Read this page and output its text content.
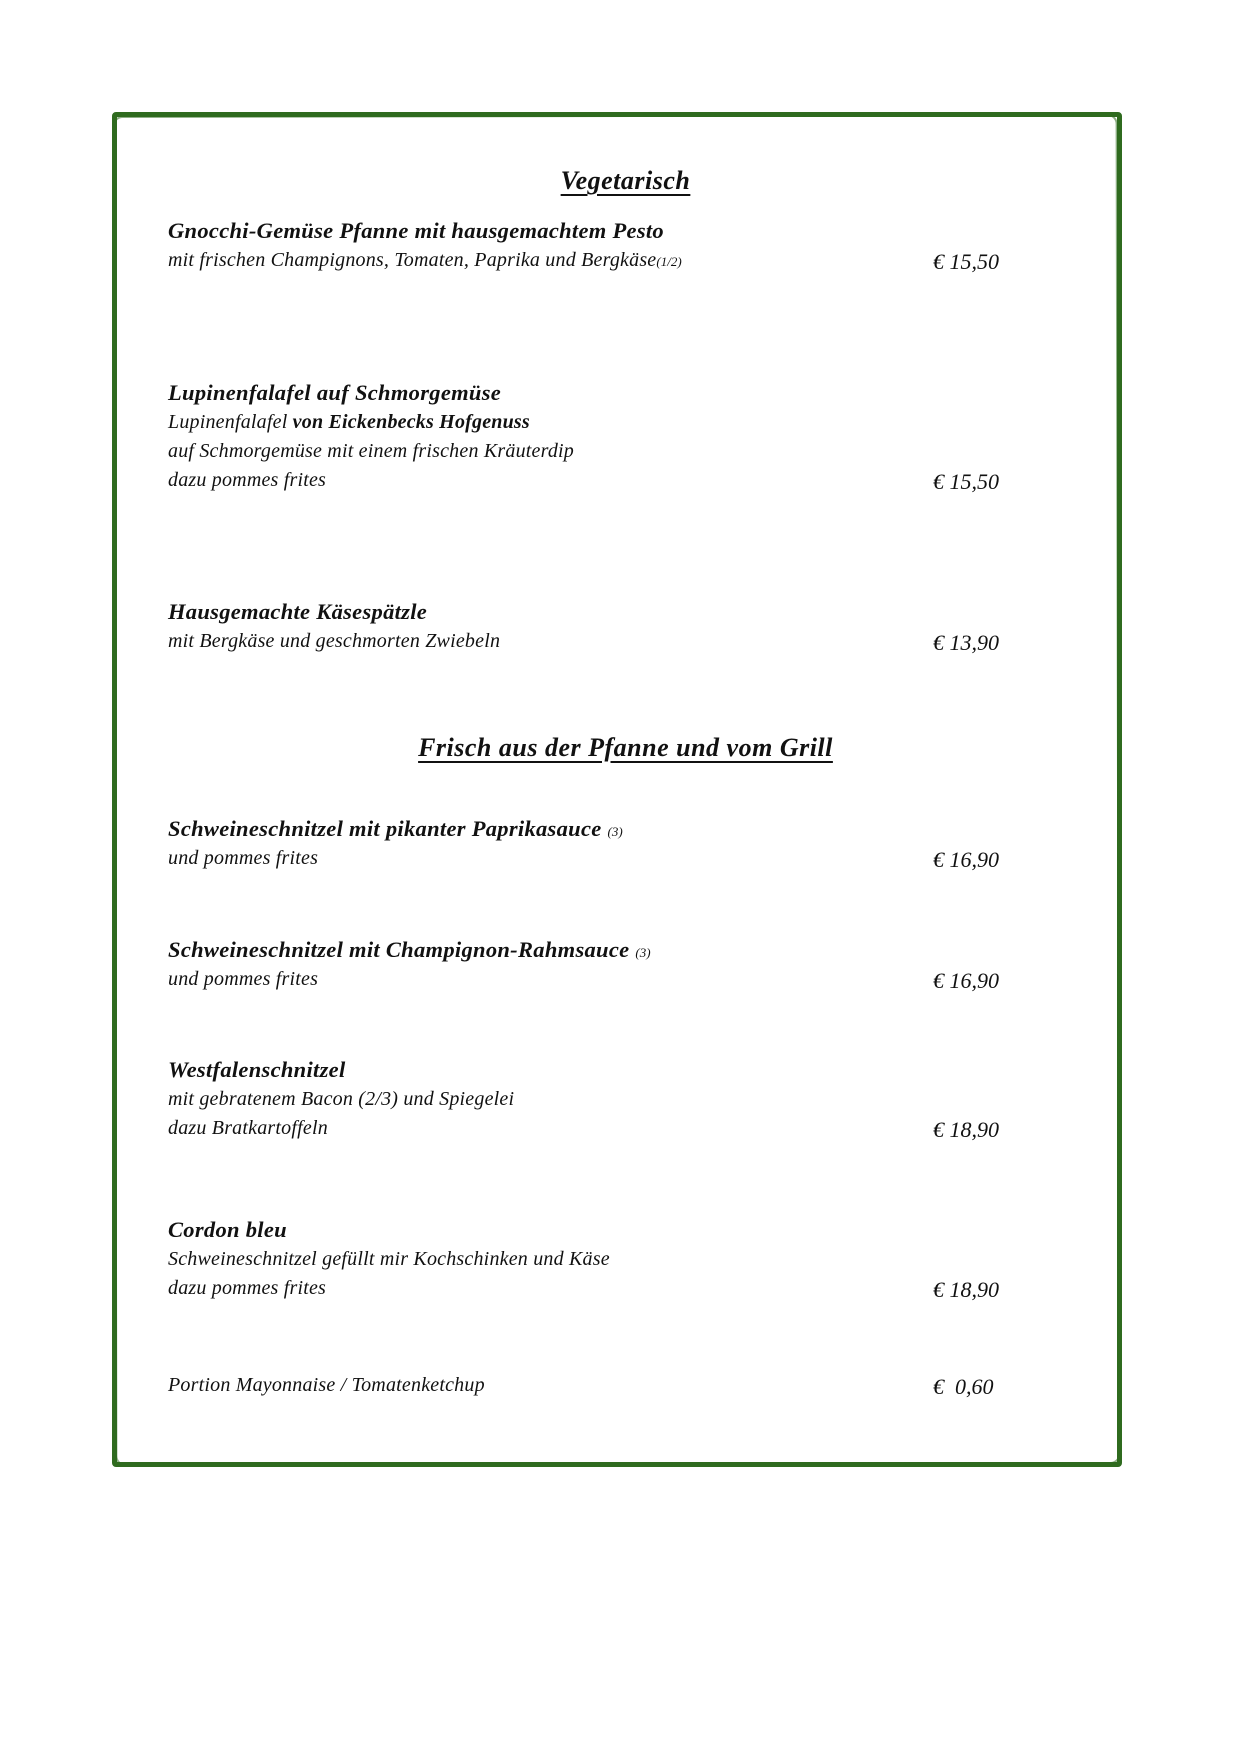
Vegetarisch
Gnocchi-Gemüse Pfanne mit hausgemachtem Pesto
mit frischen Champignons, Tomaten, Paprika und Bergkäse(1/2)	€ 15,50
Lupinenfalafel auf Schmorgemüse
Lupinenfalafel von Eickenbecks Hofgenuss
auf Schmorgemüse mit einem frischen Kräuterdip
dazu pommes frites	€ 15,50
Hausgemachte Käsespätzle
mit Bergkäse und geschmorten Zwiebeln	€ 13,90
Frisch aus der Pfanne und vom Grill
Schweineschnitzel mit pikanter Paprikasauce (3)
und pommes frites	€ 16,90
Schweineschnitzel mit Champignon-Rahmsauce (3)
und pommes frites	€ 16,90
Westfalenschnitzel
mit gebratenem Bacon (2/3) und Spiegelei
dazu Bratkartoffeln	€ 18,90
Cordon bleu
Schweineschnitzel gefüllt mir Kochschinken und Käse
dazu pommes frites	€ 18,90
Portion Mayonnaise / Tomatenketchup	€  0,60
